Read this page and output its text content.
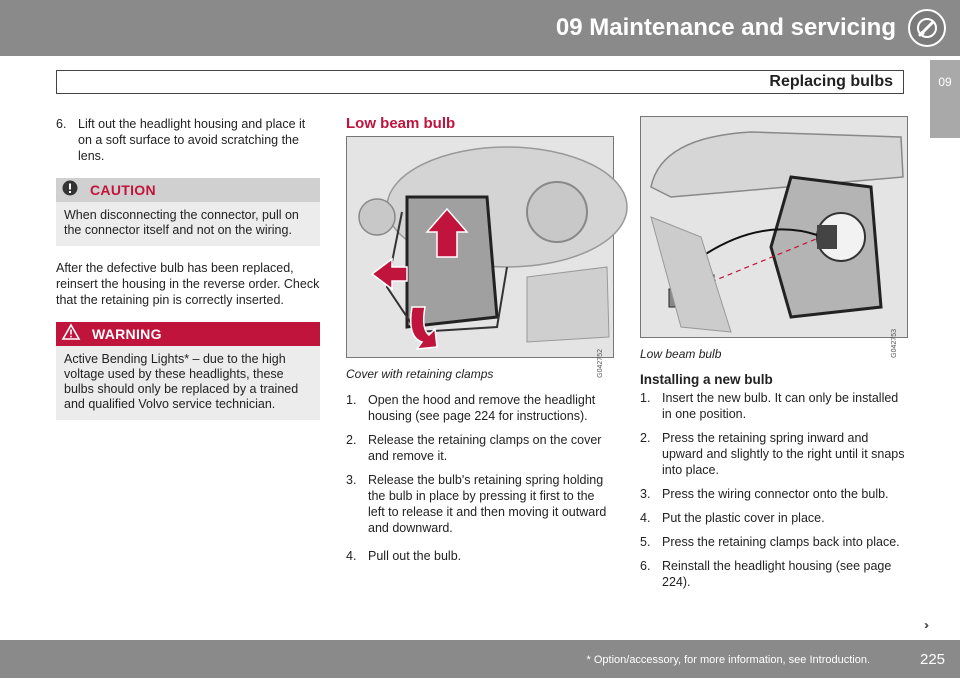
09 Maintenance and servicing
Replacing bulbs	09
6. Lift out the headlight housing and place it on a soft surface to avoid scratching the lens.
CAUTION
When disconnecting the connector, pull on the connector itself and not on the wiring.
After the defective bulb has been replaced, reinsert the housing in the reverse order. Check that the retaining pin is correctly inserted.
WARNING
Active Bending Lights* – due to the high voltage used by these headlights, these bulbs should only be replaced by a trained and qualified Volvo service technician.
Low beam bulb
G042752
Cover with retaining clamps
1. Open the hood and remove the headlight housing (see page 224 for instructions).
2. Release the retaining clamps on the cover and remove it.
3. Release the bulb's retaining spring holding the bulb in place by pressing it first to the left to release it and then moving it outward and downward.
4. Pull out the bulb.
G042753
Low beam bulb
Installing a new bulb
1. Insert the new bulb. It can only be installed in one position.
2. Press the retaining spring inward and upward and slightly to the right until it snaps into place.
3. Press the wiring connector onto the bulb.
4. Put the plastic cover in place.
5. Press the retaining clamps back into place.
6. Reinstall the headlight housing (see page 224).
››
* Option/accessory, for more information, see Introduction.	225
